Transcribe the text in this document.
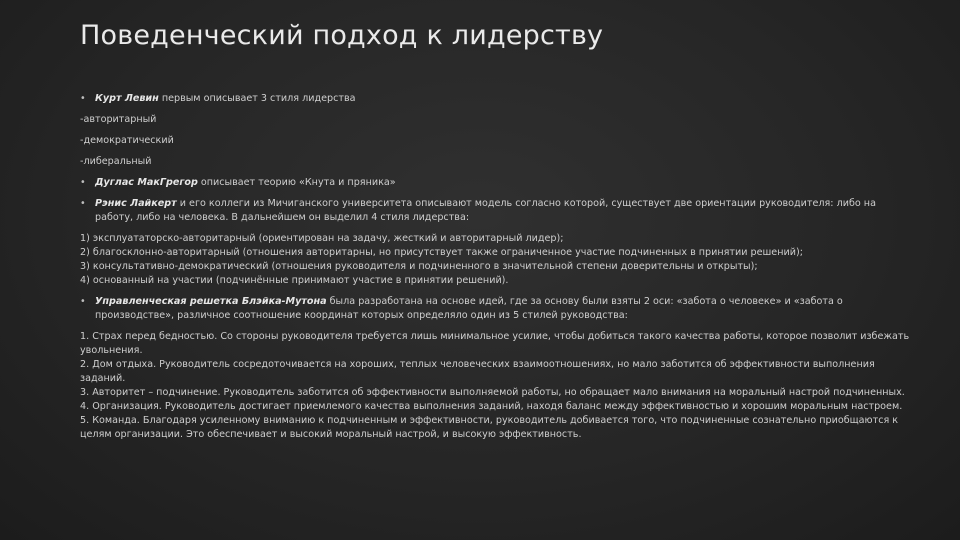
Поведенческий подход к лидерству
• Курт Левин первым описывает 3 стиля лидерства
-авторитарный
-демократический
-либеральный
• Дуглас МакГрегор описывает теорию «Кнута и пряника»
• Рэнис Лайкерт и его коллеги из Мичиганского университета описывают модель согласно которой, существует две ориентации руководителя: либо на работу, либо на человека. В дальнейшем он выделил 4 стиля лидерства:
1) эксплуататорско-авторитарный (ориентирован на задачу, жесткий и авторитарный лидер);
2) благосклонно-авторитарный (отношения авторитарны, но присутствует также ограниченное участие подчиненных в принятии решений);
3) консультативно-демократический (отношения руководителя и подчиненного в значительной степени доверительны и открыты);
4) основанный на участии (подчинённые принимают участие в принятии решений).
• Управленческая решетка Блэйка-Мутона была разработана на основе идей, где за основу были взяты 2 оси: «забота о человеке» и «забота о производстве», различное соотношение координат которых определяло один из 5 стилей руководства:
1. Страх перед бедностью. Со стороны руководителя требуется лишь минимальное усилие, чтобы добиться такого качества работы, которое позволит избежать увольнения.
2. Дом отдыха. Руководитель сосредоточивается на хороших, теплых человеческих взаимоотношениях, но мало заботится об эффективности выполнения заданий.
3. Авторитет – подчинение. Руководитель заботится об эффективности выполняемой работы, но обращает мало внимания на моральный настрой подчиненных.
4. Организация. Руководитель достигает приемлемого качества выполнения заданий, находя баланс между эффективностью и хорошим моральным настроем.
5. Команда. Благодаря усиленному вниманию к подчиненным и эффективности, руководитель добивается того, что подчиненные сознательно приобщаются к целям организации. Это обеспечивает и высокий моральный настрой, и высокую эффективность.
